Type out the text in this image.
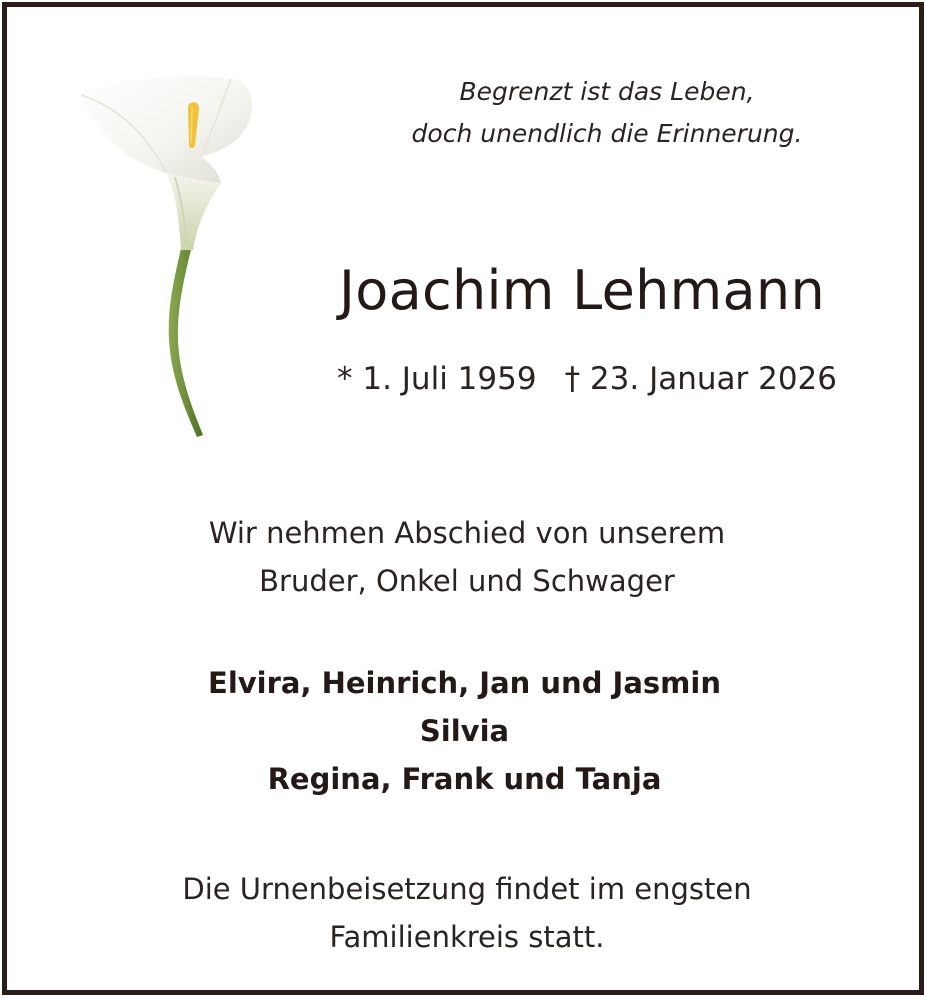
Begrenzt ist das Leben,
doch unendlich die Erinnerung.
Joachim Lehmann
* 1. Juli 1959 † 23. Januar 2026
Wir nehmen Abschied von unserem
Bruder, Onkel und Schwager
Elvira, Heinrich, Jan und Jasmin
Silvia
Regina, Frank und Tanja
Die Urnenbeisetzung findet im engsten
Familienkreis statt.
